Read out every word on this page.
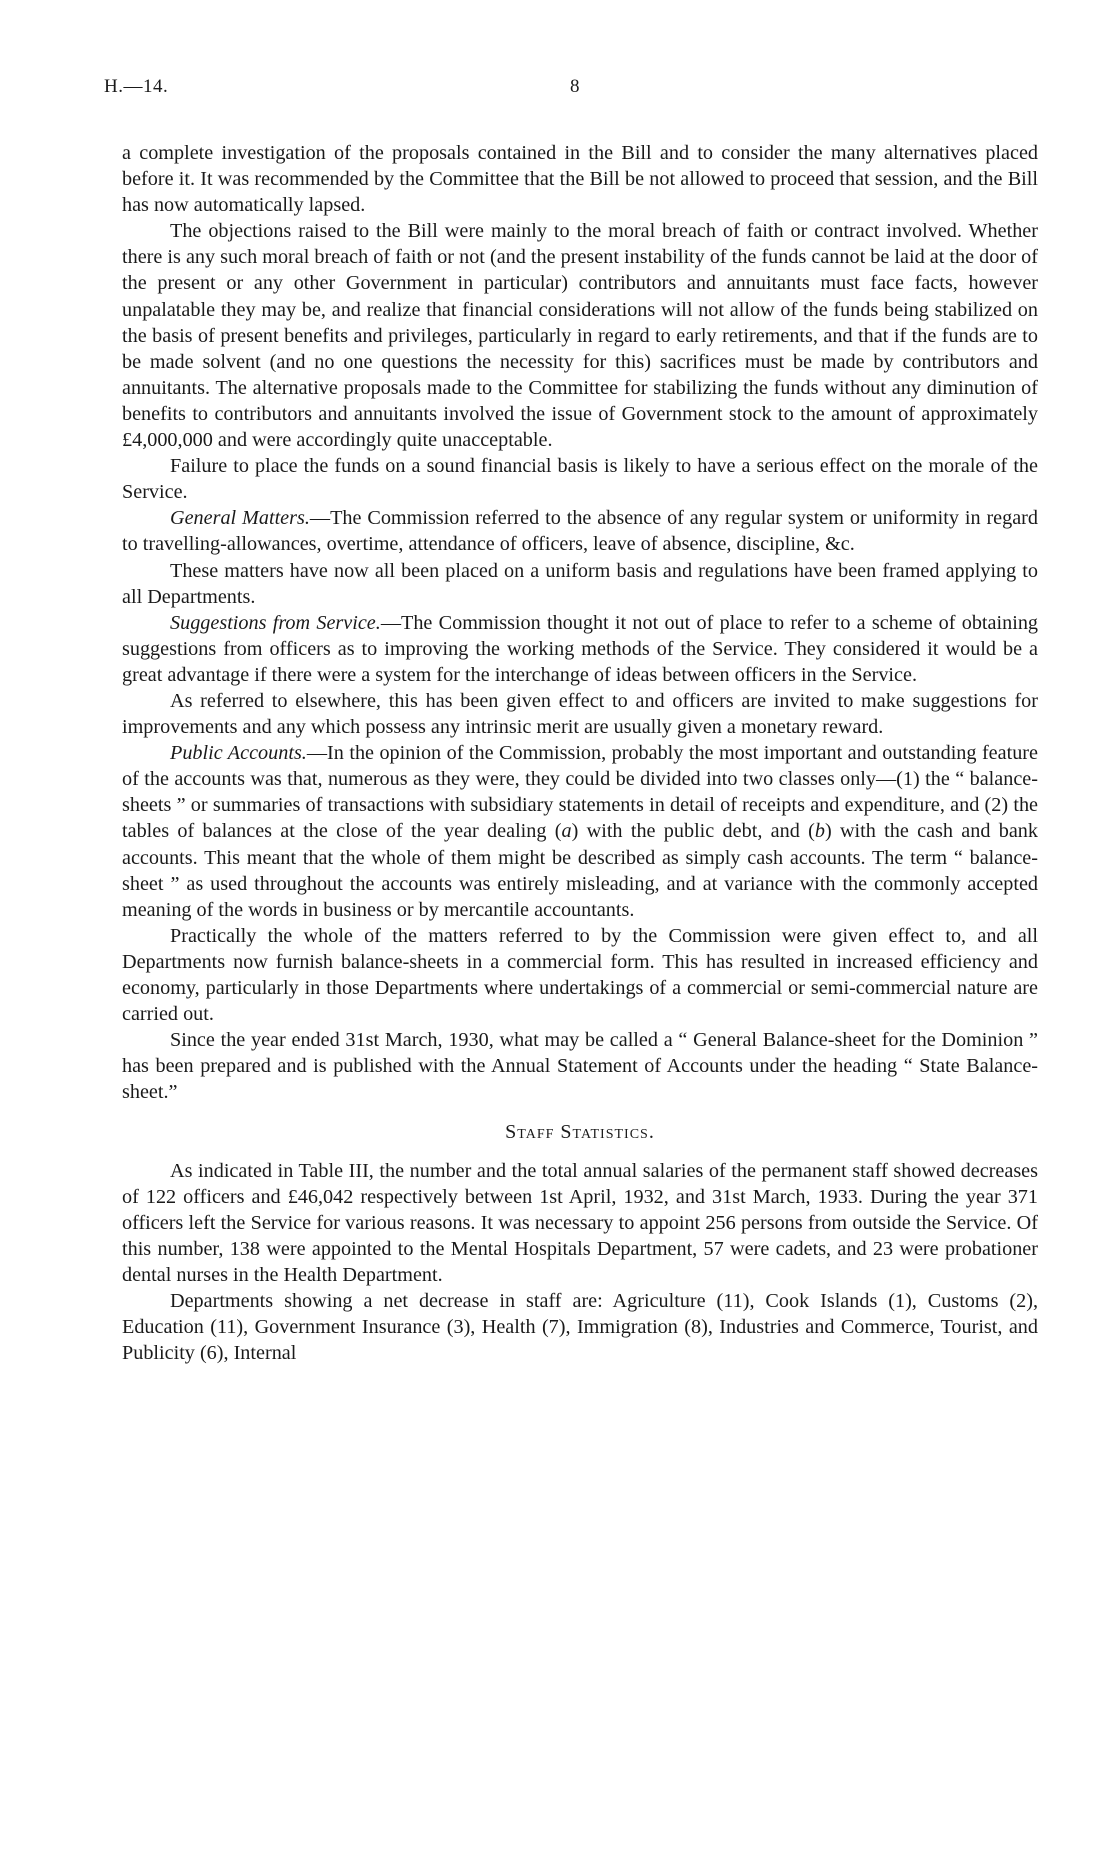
H.—14.	8

a complete investigation of the proposals contained in the Bill and to consider the many alternatives placed before it. It was recommended by the Committee that the Bill be not allowed to proceed that session, and the Bill has now automatically lapsed.

The objections raised to the Bill were mainly to the moral breach of faith or contract involved. Whether there is any such moral breach of faith or not (and the present instability of the funds cannot be laid at the door of the present or any other Government in particular) contributors and annuitants must face facts, however unpalatable they may be, and realize that financial considerations will not allow of the funds being stabilized on the basis of present benefits and privileges, particularly in regard to early retirements, and that if the funds are to be made solvent (and no one questions the necessity for this) sacrifices must be made by contributors and annuitants. The alternative proposals made to the Committee for stabilizing the funds without any diminution of benefits to contributors and annuitants involved the issue of Government stock to the amount of approximately £4,000,000 and were accordingly quite unacceptable.

Failure to place the funds on a sound financial basis is likely to have a serious effect on the morale of the Service.

General Matters.—The Commission referred to the absence of any regular system or uniformity in regard to travelling-allowances, overtime, attendance of officers, leave of absence, discipline, &c.

These matters have now all been placed on a uniform basis and regulations have been framed applying to all Departments.

Suggestions from Service.—The Commission thought it not out of place to refer to a scheme of obtaining suggestions from officers as to improving the working methods of the Service. They considered it would be a great advantage if there were a system for the interchange of ideas between officers in the Service.

As referred to elsewhere, this has been given effect to and officers are invited to make suggestions for improvements and any which possess any intrinsic merit are usually given a monetary reward.

Public Accounts.—In the opinion of the Commission, probably the most important and outstanding feature of the accounts was that, numerous as they were, they could be divided into two classes only—(1) the “ balance-sheets ” or summaries of transactions with subsidiary statements in detail of receipts and expenditure, and (2) the tables of balances at the close of the year dealing (a) with the public debt, and (b) with the cash and bank accounts. This meant that the whole of them might be described as simply cash accounts. The term “ balance-sheet ” as used throughout the accounts was entirely misleading, and at variance with the commonly accepted meaning of the words in business or by mercantile accountants.

Practically the whole of the matters referred to by the Commission were given effect to, and all Departments now furnish balance-sheets in a commercial form. This has resulted in increased efficiency and economy, particularly in those Departments where undertakings of a commercial or semi-commercial nature are carried out.

Since the year ended 31st March, 1930, what may be called a “ General Balance-sheet for the Dominion ” has been prepared and is published with the Annual Statement of Accounts under the heading “ State Balance-sheet.”

Staff Statistics.

As indicated in Table III, the number and the total annual salaries of the permanent staff showed decreases of 122 officers and £46,042 respectively between 1st April, 1932, and 31st March, 1933. During the year 371 officers left the Service for various reasons. It was necessary to appoint 256 persons from outside the Service. Of this number, 138 were appointed to the Mental Hospitals Department, 57 were cadets, and 23 were probationer dental nurses in the Health Department.

Departments showing a net decrease in staff are: Agriculture (11), Cook Islands (1), Customs (2), Education (11), Government Insurance (3), Health (7), Immigration (8), Industries and Commerce, Tourist, and Publicity (6), Internal
